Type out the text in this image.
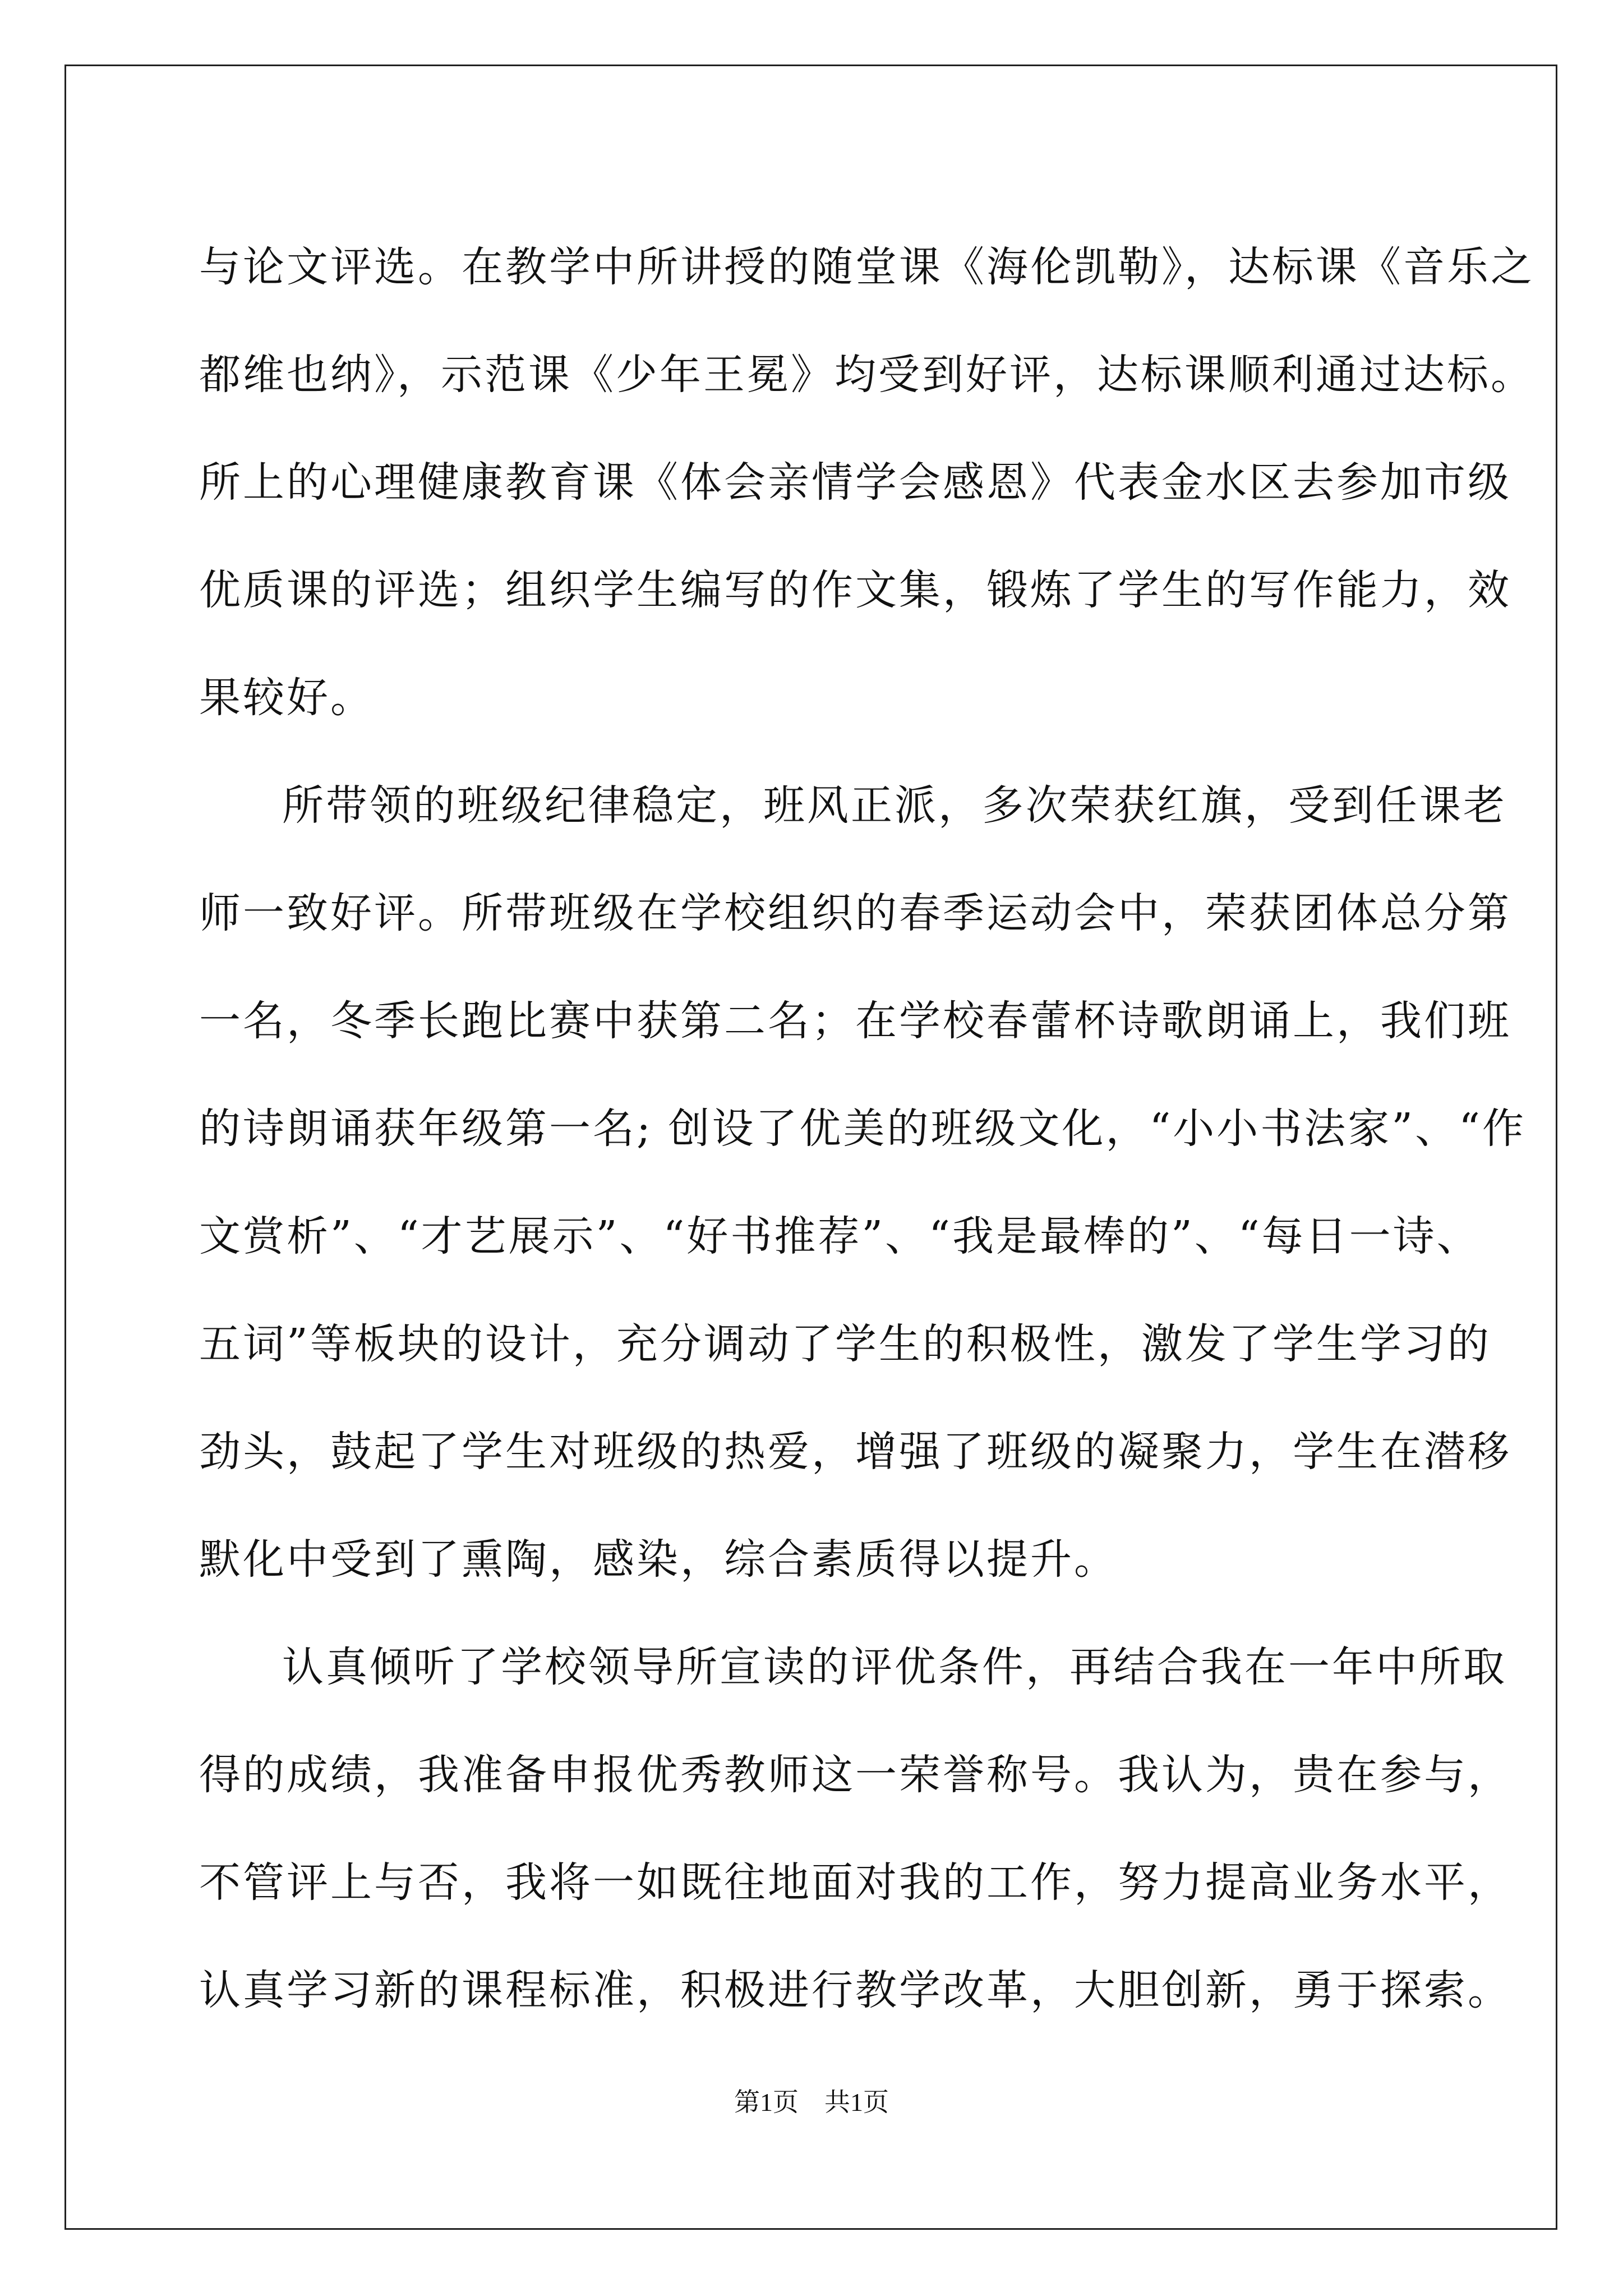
与论文评选。在教学中所讲授的随堂课《海伦凯勒》，达标课《音乐之
都维也纳》，示范课《少年王冕》均受到好评，达标课顺利通过达标。
所上的心理健康教育课《体会亲情学会感恩》代表金水区去参加市级
优质课的评选；组织学生编写的作文集，锻炼了学生的写作能力，效
果较好。
所带领的班级纪律稳定，班风正派，多次荣获红旗，受到任课老
师一致好评。所带班级在学校组织的春季运动会中，荣获团体总分第
一名，冬季长跑比赛中获第二名；在学校春蕾杯诗歌朗诵上，我们班
的诗朗诵获年级第一名; 创设了优美的班级文化，“小小书法家”、“作
文赏析”、“才艺展示”、“好书推荐”、“我是最棒的”、“每日一诗、
五词”等板块的设计，充分调动了学生的积极性，激发了学生学习的
劲头，鼓起了学生对班级的热爱，增强了班级的凝聚力，学生在潜移
默化中受到了熏陶，感染，综合素质得以提升。
认真倾听了学校领导所宣读的评优条件，再结合我在一年中所取
得的成绩，我准备申报优秀教师这一荣誉称号。我认为，贵在参与，
不管评上与否，我将一如既往地面对我的工作，努力提高业务水平，
认真学习新的课程标准，积极进行教学改革，大胆创新，勇于探索。
第1页 共1页
